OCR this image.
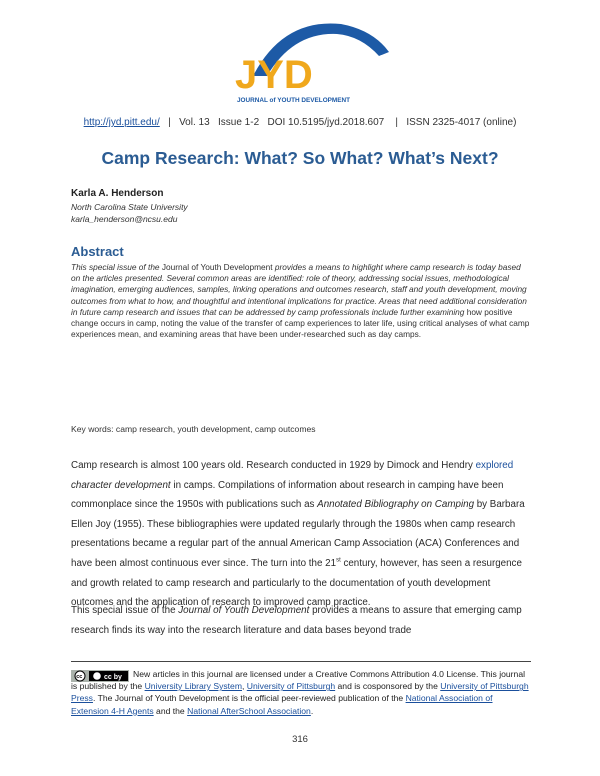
JYD
JOURNAL of YOUTH DEVELOPMENT
http://jyd.pitt.edu/ | Vol. 13 Issue 1-2 DOI 10.5195/jyd.2018.607 | ISSN 2325-4017 (online)
Camp Research: What? So What? What’s Next?
Karla A. Henderson
North Carolina State University
karla_henderson@ncsu.edu
Abstract
This special issue of the Journal of Youth Development provides a means to highlight where camp research is today based on the articles presented. Several common areas are identified: role of theory, addressing social issues, methodological imagination, emerging audiences, samples, linking operations and outcomes research, staff and youth development, moving outcomes from what to how, and thoughtful and intentional implications for practice. Areas that need additional consideration in future camp research and issues that can be addressed by camp professionals include further examining how positive change occurs in camp, noting the value of the transfer of camp experiences to later life, using critical analyses of what camp experiences mean, and examining areas that have been under-researched such as day camps.
Key words: camp research, youth development, camp outcomes
Camp research is almost 100 years old. Research conducted in 1929 by Dimock and Hendry explored character development in camps. Compilations of information about research in camping have been commonplace since the 1950s with publications such as Annotated Bibliography on Camping by Barbara Ellen Joy (1955). These bibliographies were updated regularly through the 1980s when camp research presentations became a regular part of the annual American Camp Association (ACA) Conferences and have been almost continuous ever since. The turn into the 21st century, however, has seen a resurgence and growth related to camp research and particularly to the documentation of youth development outcomes and the application of research to improved camp practice.
This special issue of the Journal of Youth Development provides a means to assure that emerging camp research finds its way into the research literature and data bases beyond trade
cc	cc by	New articles in this journal are licensed under a Creative Commons Attribution 4.0 License. This journal is published by the University Library System, University of Pittsburgh and is cosponsored by the University of Pittsburgh Press. The Journal of Youth Development is the official peer-reviewed publication of the National Association of Extension 4-H Agents and the National AfterSchool Association.
316
